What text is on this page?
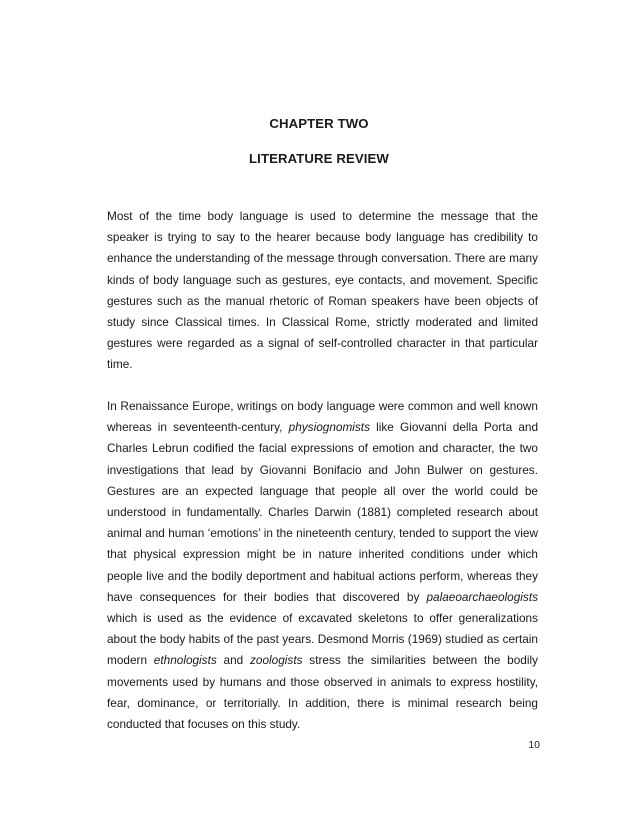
CHAPTER TWO
LITERATURE REVIEW

Most of the time body language is used to determine the message that the speaker is trying to say to the hearer because body language has credibility to enhance the understanding of the message through conversation. There are many kinds of body language such as gestures, eye contacts, and movement. Specific gestures such as the manual rhetoric of Roman speakers have been objects of study since Classical times. In Classical Rome, strictly moderated and limited gestures were regarded as a signal of self-controlled character in that particular time.

In Renaissance Europe, writings on body language were common and well known whereas in seventeenth-century, physiognomists like Giovanni della Porta and Charles Lebrun codified the facial expressions of emotion and character, the two investigations that lead by Giovanni Bonifacio and John Bulwer on gestures. Gestures are an expected language that people all over the world could be understood in fundamentally. Charles Darwin (1881) completed research about animal and human ‘emotions’ in the nineteenth century, tended to support the view that physical expression might be in nature inherited conditions under which people live and the bodily deportment and habitual actions perform, whereas they have consequences for their bodies that discovered by palaeoarchaeologists which is used as the evidence of excavated skeletons to offer generalizations about the body habits of the past years. Desmond Morris (1969) studied as certain modern ethnologists and zoologists stress the similarities between the bodily movements used by humans and those observed in animals to express hostility, fear, dominance, or territorially. In addition, there is minimal research being conducted that focuses on this study.

10
